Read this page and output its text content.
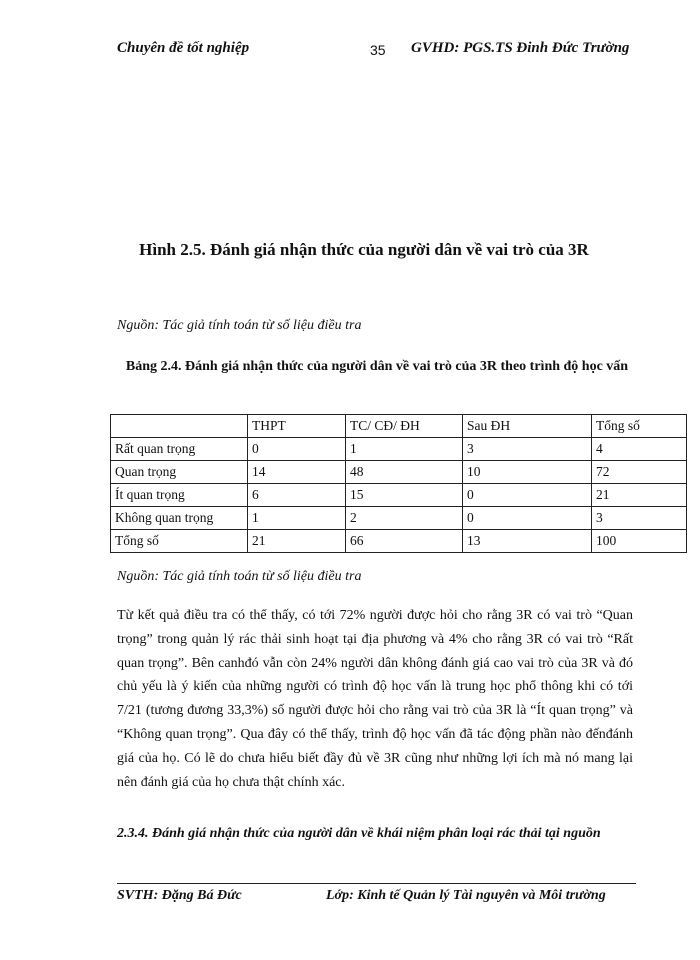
Chuyên đề tốt nghiệp	35 GVHD: PGS.TS Đinh Đức Trường
Hình 2.5. Đánh giá nhận thức của người dân về vai trò của 3R
Nguồn: Tác giả tính toán từ số liệu điều tra
Bảng 2.4. Đánh giá nhận thức của người dân về vai trò của 3R theo trình độ học vấn
	THPT	TC/ CĐ/ ĐH	Sau ĐH	Tổng số
Rất quan trọng	0	1	3	4
Quan trọng	14	48	10	72
Ít quan trọng	6	15	0	21
Không quan trọng	1	2	0	3
Tổng số	21	66	13	100
Nguồn: Tác giả tính toán từ số liệu điều tra
Từ kết quả điều tra có thể thấy, có tới 72% người được hỏi cho rằng 3R có vai trò “Quan trọng” trong quản lý rác thải sinh hoạt tại địa phương và 4% cho rằng 3R có vai trò “Rất quan trọng”. Bên canhđó vẫn còn 24% người dân không đánh giá cao vai trò của 3R và đó chủ yếu là ý kiến của những người có trình độ học vấn là trung học phổ thông khi có tới 7/21 (tương đương 33,3%) số người được hỏi cho rằng vai trò của 3R là “Ít quan trọng” và “Không quan trọng”. Qua đây có thể thấy, trình độ học vấn đã tác động phần nào đếnđánh giá của họ. Có lẽ do chưa hiểu biết đầy đủ về 3R cũng như những lợi ích mà nó mang lại nên đánh giá của họ chưa thật chính xác.
2.3.4. Đánh giá nhận thức của người dân về khái niệm phân loại rác thải tại nguồn
SVTH: Đặng Bá Đức	Lớp: Kinh tế Quản lý Tài nguyên và Môi trường
